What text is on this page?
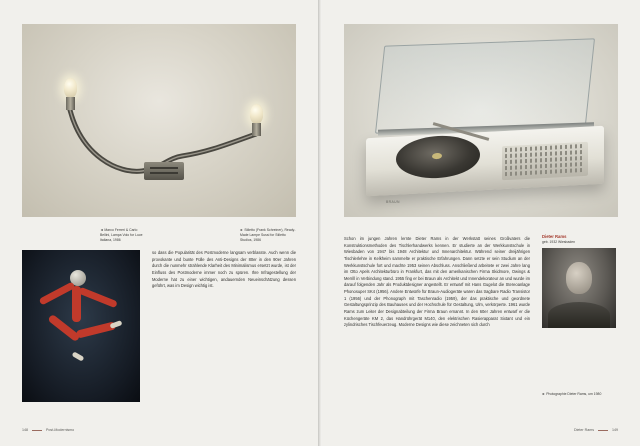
◄ Marco Ferreri & Carlo Bellini, Lampa Volo for Luce Italiana, 1986
► Stiletto (Frank Schreiner), Ready-Made Lampe Sussi for Stiletto Studios, 1986
so dass die Popularität des Postmoderne langsam verblasste. Auch wenn die provokante und bunte Fülle des Anti-Designs der 80er in den 90er Jahren durch die nunmehr strahlende Klarheit des Minimalismus ersetzt wurde, ist der Einfluss des Postmoderne immer noch zu spüren. Ihre Infragestellung der Moderne hat zu einer wichtigen, andauernden Neueinschätzung dessen geführt, was im Design wichtig ist.
148	Post-Modernismo
BRAUN
Schon im jungen Jahren lernte Dieter Rams in der Werkstatt seines Großvaters die Konstruktionsmethoden des Tischlerhandwerks kennen. Er studierte an der Werkkunstschule in Wiesbaden von 1947 bis 1948 Architektur und Innenarchitektur. Während seiner dreijährigen Tischlerlehre in Kelkheim sammelte er praktische Erfahrungen. Dann setzte er sein Studium an der Werkkunstschule fort und machte 1953 seinen Abschluss. Anschließend arbeitete er zwei Jahre lang im Otto Apels Architekturbüro in Frankfurt, das mit den amerikanischen Firma Skidmore, Owings & Merrill in Verbindung stand. 1955 fing er bei Braun als Architekt und Innendekorateur an und wurde im darauf folgenden Jahr als Produktdesigner angestellt. Er entwarf mit Hans Gugelot die Stereoanlage Phonosuper SK4 (1956). Andere Entwürfe für Braun-Audiogeräte waren das tragbare Radio Transistor 1 (1956) und der Phonograph mit Taschenradio (1959), der das praktische und geordnete Gestaltungsprinzip des Bauhauses und der Hochschule für Gestaltung, Ulm, verkörperte. 1961 wurde Rams zum Leiter der Designabteilung der Firma Braun ernannt. In den 60er Jahren entwarf er die Küchengeräte KM 2, das Handrührgerät M140, den elektrischen Rasierapparat Sixtant und ein zylindrisches Tischfeuerzeug. Moderne Designs wie diese zeichneten sich durch
Dieter Rams
geb. 1932 Wiesbaden
► Photographie Dieter Rams, um 1980
Dieter Rams	149
